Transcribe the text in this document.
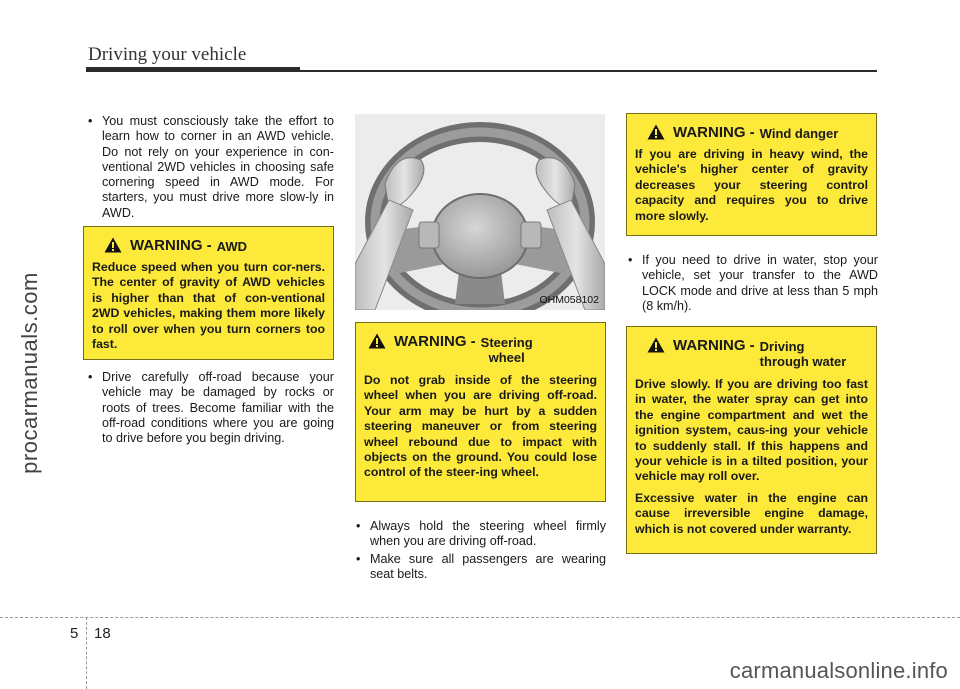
Driving your vehicle
procarmanuals.com
carmanualsonline.info
• You must consciously take the effort to learn how to corner in an AWD vehicle. Do not rely on your experience in con-ventional 2WD vehicles in choosing safe cornering speed in AWD mode. For starters, you must drive more slow-ly in AWD.
WARNING - AWD
Reduce speed when you turn cor-ners. The center of gravity of AWD vehicles is higher than that of con-ventional 2WD vehicles, making them more likely to roll over when you turn corners too fast.
• Drive carefully off-road because your vehicle may be damaged by rocks or roots of trees. Become familiar with the off-road conditions where you are going to drive before you begin driving.
OHM058102
WARNING - Steering
wheel
Do not grab inside of the steering wheel when you are driving off-road. Your arm may be hurt by a sudden steering maneuver or from steering wheel rebound due to impact with objects on the ground. You could lose control of the steer-ing wheel.
• Always hold the steering wheel firmly when you are driving off-road.
• Make sure all passengers are wearing seat belts.
WARNING - Wind danger
If you are driving in heavy wind, the vehicle's higher center of gravity decreases your steering control capacity and requires you to drive more slowly.
• If you need to drive in water, stop your vehicle, set your transfer to the AWD LOCK mode and drive at less than 5 mph (8 km/h).
WARNING - Driving
through water
Drive slowly. If you are driving too fast in water, the water spray can get into the engine compartment and wet the ignition system, caus-ing your vehicle to suddenly stall. If this happens and your vehicle is in a tilted position, your vehicle may roll over.
Excessive water in the engine can cause irreversible engine damage, which is not covered under warranty.
5 18
